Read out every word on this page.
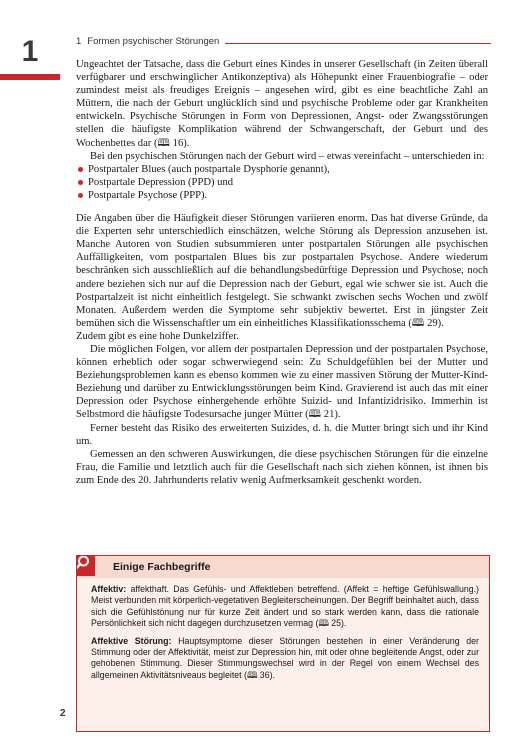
1	1 Formen psychischer Störungen

Ungeachtet der Tatsache, dass die Geburt eines Kindes in unserer Gesellschaft (in Zeiten überall verfügbarer und erschwinglicher Antikonzeptiva) als Höhepunkt einer Frauenbiografie – oder zumindest meist als freudiges Ereignis – angesehen wird, gibt es eine beachtliche Zahl an Müttern, die nach der Geburt unglücklich sind und psychische Probleme oder gar Krankheiten entwickeln. Psychische Störungen in Form von Depressionen, Angst- oder Zwangsstörungen stellen die häufigste Komplikation während der Schwangerschaft, der Geburt und des Wochenbettes dar (🕮 16).

Bei den psychischen Störungen nach der Geburt wird – etwas vereinfacht – unterschieden in:

Postpartaler Blues (auch postpartale Dysphorie genannt),
Postpartale Depression (PPD) und
Postpartale Psychose (PPP).

Die Angaben über die Häufigkeit dieser Störungen variieren enorm. Das hat diverse Gründe, da die Experten sehr unterschiedlich einschätzen, welche Störung als Depression anzusehen ist. Manche Autoren von Studien subsummieren unter postpartalen Störungen alle psychischen Auffälligkeiten, vom postpartalen Blues bis zur postpartalen Psychose. Andere wiederum beschränken sich ausschließlich auf die behandlungsbedürftige Depression und Psychose, noch andere beziehen sich nur auf die Depression nach der Geburt, egal wie schwer sie ist. Auch die Postpartalzeit ist nicht einheitlich festgelegt. Sie schwankt zwischen sechs Wochen und zwölf Monaten. Außerdem werden die Symptome sehr subjektiv bewertet. Erst in jüngster Zeit bemühen sich die Wissenschaftler um ein einheitliches Klassifikationsschema (🕮 29).

Zudem gibt es eine hohe Dunkelziffer.

Die möglichen Folgen, vor allem der postpartalen Depression und der postpartalen Psychose, können erheblich oder sogar schwerwiegend sein: Zu Schuldgefühlen bei der Mutter und Beziehungsproblemen kann es ebenso kommen wie zu einer massiven Störung der Mutter-Kind-Beziehung und darüber zu Entwicklungsstörungen beim Kind. Gravierend ist auch das mit einer Depression oder Psychose einhergehende erhöhte Suizid- und Infantizidrisiko. Immerhin ist Selbstmord die häufigste Todesursache junger Mütter (🕮 21).

Ferner besteht das Risiko des erweiterten Suizides, d. h. die Mutter bringt sich und ihr Kind um.

Gemessen an den schweren Auswirkungen, die diese psychischen Störungen für die einzelne Frau, die Familie und letztlich auch für die Gesellschaft nach sich ziehen können, ist ihnen bis zum Ende des 20. Jahrhunderts relativ wenig Aufmerksamkeit geschenkt worden.

Einige Fachbegriffe

Affektiv: affekthaft. Das Gefühls- und Affektleben betreffend. (Affekt = heftige Gefühlswallung.) Meist verbunden mit körperlich-vegetativen Begleiterscheinungen. Der Begriff beinhaltet auch, dass sich die Gefühlstönung nur für kurze Zeit ändert und so stark werden kann, dass die rationale Persönlichkeit sich nicht dagegen durchzusetzen vermag (🕮 25).

Affektive Störung: Hauptsymptome dieser Störungen bestehen in einer Veränderung der Stimmung oder der Affektivität, meist zur Depression hin, mit oder ohne begleitende Angst, oder zur gehobenen Stimmung. Dieser Stimmungswechsel wird in der Regel von einem Wechsel des allgemeinen Aktivitätsniveaus begleitet (🕮 36).

2
